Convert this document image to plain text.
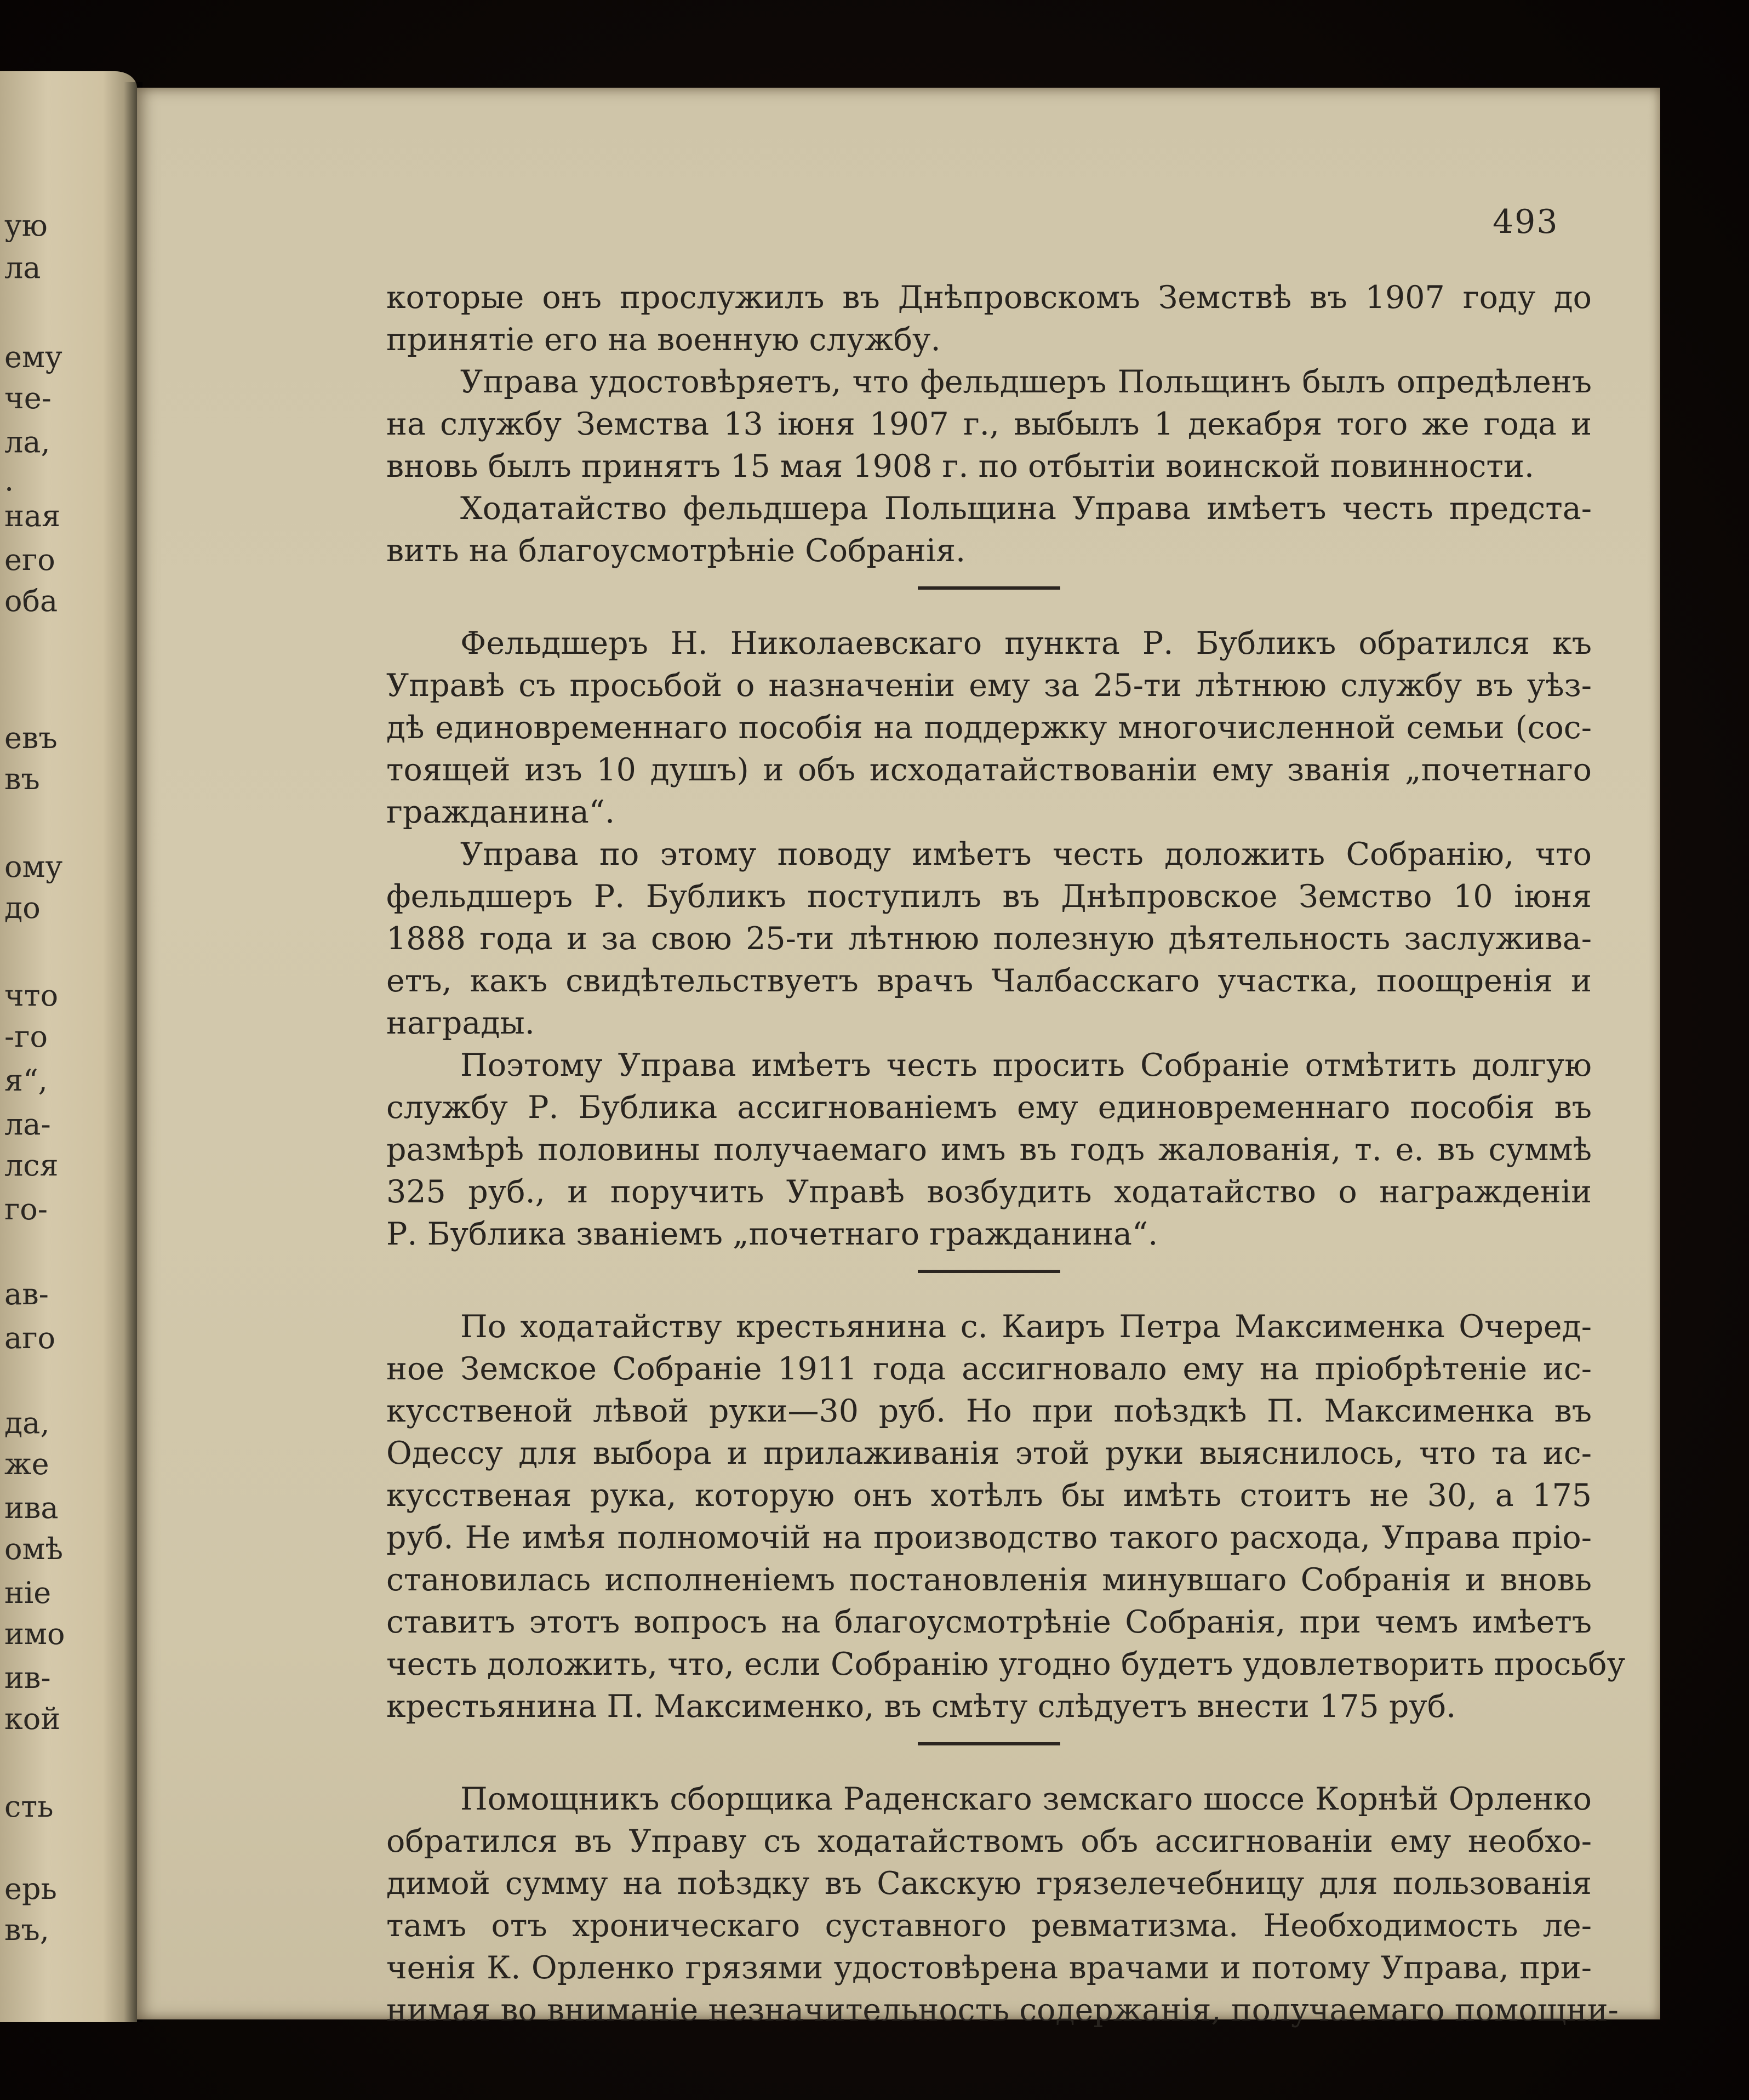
ую
ла
ему
че-
ла,
.
ная
его
оба
евъ
въ
ому
до
что
-го
я“,
ла-
лся
го-
ав-
аго
да,
же
ива
омѣ
ніе
имо
ив-
кой
сть
ерь
въ,
493
которые онъ прослужилъ въ Днѣпровскомъ Земствѣ въ 1907 году до
принятіе его на военную службу.
Управа удостовѣряетъ, что фельдшеръ Польщинъ былъ опредѣленъ
на службу Земства 13 іюня 1907 г., выбылъ 1 декабря того же года и
вновь былъ принятъ 15 мая 1908 г. по отбытіи воинской повинности.
Ходатайство фельдшера Польщина Управа имѣетъ честь предста-
вить на благоусмотрѣніе Собранія.
Фельдшеръ Н. Николаевскаго пункта Р. Бубликъ обратился къ
Управѣ съ просьбой о назначеніи ему за 25-ти лѣтнюю службу въ уѣз-
дѣ единовременнаго пособія на поддержку многочисленной семьи (сос-
тоящей изъ 10 душъ) и объ исходатайствованіи ему званія „почетнаго
гражданина“.
Управа по этому поводу имѣетъ честь доложить Собранію, что
фельдшеръ Р. Бубликъ поступилъ въ Днѣпровское Земство 10 іюня
1888 года и за свою 25-ти лѣтнюю полезную дѣятельность заслужива-
етъ, какъ свидѣтельствуетъ врачъ Чалбасскаго участка, поощренія и
награды.
Поэтому Управа имѣетъ честь просить Собраніе отмѣтить долгую
службу Р. Бублика ассигнованіемъ ему единовременнаго пособія въ
размѣрѣ половины получаемаго имъ въ годъ жалованія, т. е. въ суммѣ
325 руб., и поручить Управѣ возбудить ходатайство о награжденіи
Р. Бублика званіемъ „почетнаго гражданина“.
По ходатайству крестьянина с. Каиръ Петра Максименка Очеред-
ное Земское Собраніе 1911 года ассигновало ему на пріобрѣтеніе ис-
кусственой лѣвой руки—30 руб. Но при поѣздкѣ П. Максименка въ
Одессу для выбора и прилаживанія этой руки выяснилось, что та ис-
кусственая рука, которую онъ хотѣлъ бы имѣть стоитъ не 30, а 175
руб. Не имѣя полномочій на производство такого расхода, Управа пріо-
становилась исполненіемъ постановленія минувшаго Собранія и вновь
ставитъ этотъ вопросъ на благоусмотрѣніе Собранія, при чемъ имѣетъ
честь доложить, что, если Собранію угодно будетъ удовлетворить просьбу
крестьянина П. Максименко, въ смѣту слѣдуетъ внести 175 руб.
Помощникъ сборщика Раденскаго земскаго шоссе Корнѣй Орленко
обратился въ Управу съ ходатайствомъ объ ассигнованіи ему необхо-
димой сумму на поѣздку въ Сакскую грязелечебницу для пользованія
тамъ отъ хроническаго суставного ревматизма. Необходимость ле-
ченія К. Орленко грязями удостовѣрена врачами и потому Управа, при-
нимая во вниманіе незначительность содержанія, получаемаго помощни-
